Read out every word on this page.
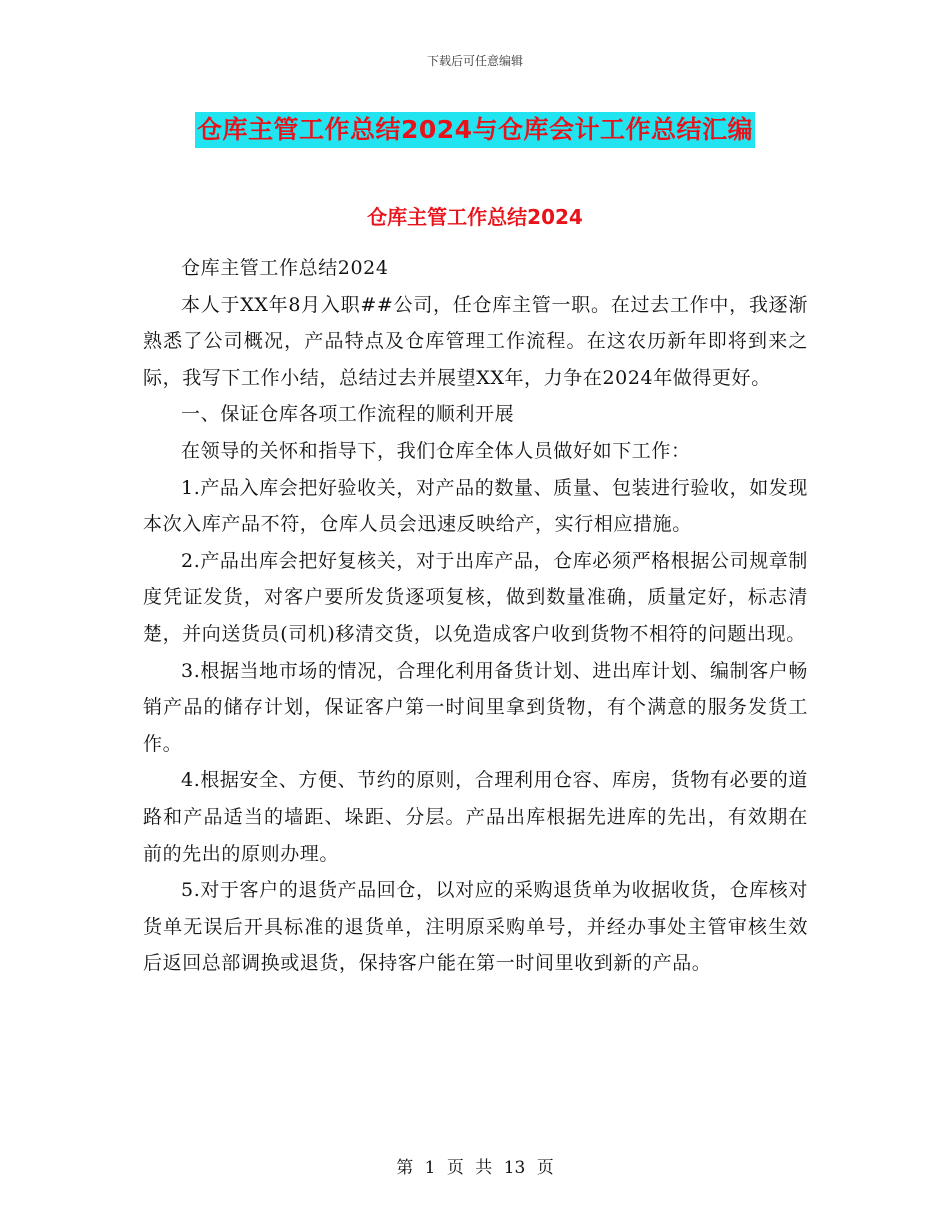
下载后可任意编辑
仓库主管工作总结2024与仓库会计工作总结汇编
仓库主管工作总结2024

仓库主管工作总结2024

本人于XX年8月入职##公司，任仓库主管一职。在过去工作中，我逐渐熟悉了公司概况，产品特点及仓库管理工作流程。在这农历新年即将到来之际，我写下工作小结，总结过去并展望XX年，力争在2024年做得更好。

一、保证仓库各项工作流程的顺利开展

在领导的关怀和指导下，我们仓库全体人员做好如下工作：

1.产品入库会把好验收关，对产品的数量、质量、包装进行验收，如发现本次入库产品不符，仓库人员会迅速反映给产，实行相应措施。

2.产品出库会把好复核关，对于出库产品，仓库必须严格根据公司规章制度凭证发货，对客户要所发货逐项复核，做到数量准确，质量定好，标志清楚，并向送货员(司机)移清交货，以免造成客户收到货物不相符的问题出现。

3.根据当地市场的情况，合理化利用备货计划、进出库计划、编制客户畅销产品的储存计划，保证客户第一时间里拿到货物，有个满意的服务发货工作。

4.根据安全、方便、节约的原则，合理利用仓容、库房，货物有必要的道路和产品适当的墙距、垛距、分层。产品出库根据先进库的先出，有效期在前的先出的原则办理。

5.对于客户的退货产品回仓，以对应的采购退货单为收据收货，仓库核对货单无误后开具标准的退货单，注明原采购单号，并经办事处主管审核生效后返回总部调换或退货，保持客户能在第一时间里收到新的产品。

第 1 页 共 13 页
